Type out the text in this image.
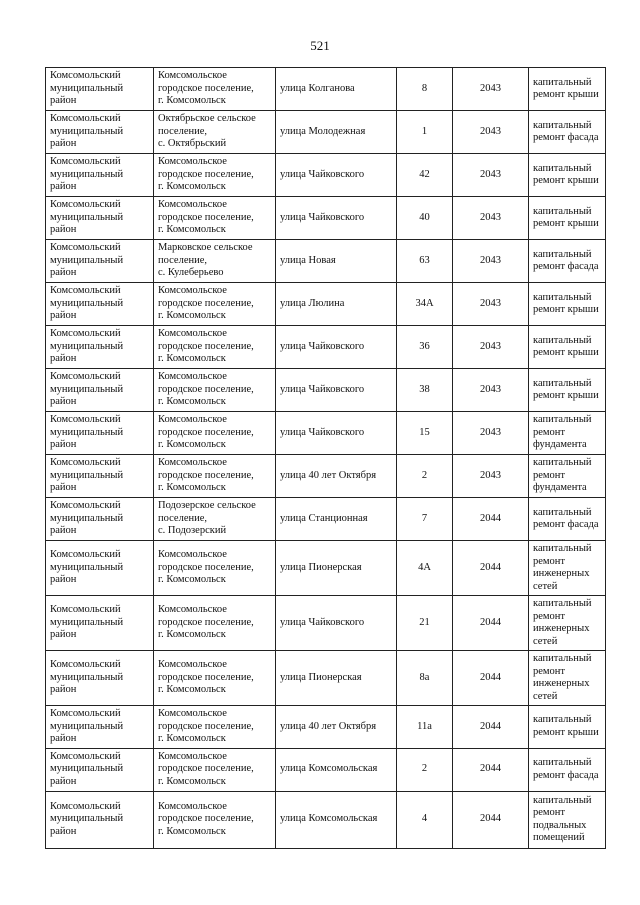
521
Комсомольский
муниципальный
район	Комсомольское
городское поселение,
г. Комсомольск	улица Колганова	8	2043	капитальный
ремонт крыши
Комсомольский
муниципальный
район	Октябрьское сельское
поселение,
с. Октябрьский	улица Молодежная	1	2043	капитальный
ремонт фасада
Комсомольский
муниципальный
район	Комсомольское
городское поселение,
г. Комсомольск	улица Чайковского	42	2043	капитальный
ремонт крыши
Комсомольский
муниципальный
район	Комсомольское
городское поселение,
г. Комсомольск	улица Чайковского	40	2043	капитальный
ремонт крыши
Комсомольский
муниципальный
район	Марковское сельское
поселение,
с. Кулеберьево	улица Новая	63	2043	капитальный
ремонт фасада
Комсомольский
муниципальный
район	Комсомольское
городское поселение,
г. Комсомольск	улица Люлина	34А	2043	капитальный
ремонт крыши
Комсомольский
муниципальный
район	Комсомольское
городское поселение,
г. Комсомольск	улица Чайковского	36	2043	капитальный
ремонт крыши
Комсомольский
муниципальный
район	Комсомольское
городское поселение,
г. Комсомольск	улица Чайковского	38	2043	капитальный
ремонт крыши
Комсомольский
муниципальный
район	Комсомольское
городское поселение,
г. Комсомольск	улица Чайковского	15	2043	капитальный
ремонт
фундамента
Комсомольский
муниципальный
район	Комсомольское
городское поселение,
г. Комсомольск	улица 40 лет Октября	2	2043	капитальный
ремонт
фундамента
Комсомольский
муниципальный
район	Подозерское сельское
поселение,
с. Подозерский	улица Станционная	7	2044	капитальный
ремонт фасада
Комсомольский
муниципальный
район	Комсомольское
городское поселение,
г. Комсомольск	улица Пионерская	4А	2044	капитальный
ремонт
инженерных
сетей
Комсомольский
муниципальный
район	Комсомольское
городское поселение,
г. Комсомольск	улица Чайковского	21	2044	капитальный
ремонт
инженерных
сетей
Комсомольский
муниципальный
район	Комсомольское
городское поселение,
г. Комсомольск	улица Пионерская	8а	2044	капитальный
ремонт
инженерных
сетей
Комсомольский
муниципальный
район	Комсомольское
городское поселение,
г. Комсомольск	улица 40 лет Октября	11а	2044	капитальный
ремонт крыши
Комсомольский
муниципальный
район	Комсомольское
городское поселение,
г. Комсомольск	улица Комсомольская	2	2044	капитальный
ремонт фасада
Комсомольский
муниципальный
район	Комсомольское
городское поселение,
г. Комсомольск	улица Комсомольская	4	2044	капитальный
ремонт
подвальных
помещений
